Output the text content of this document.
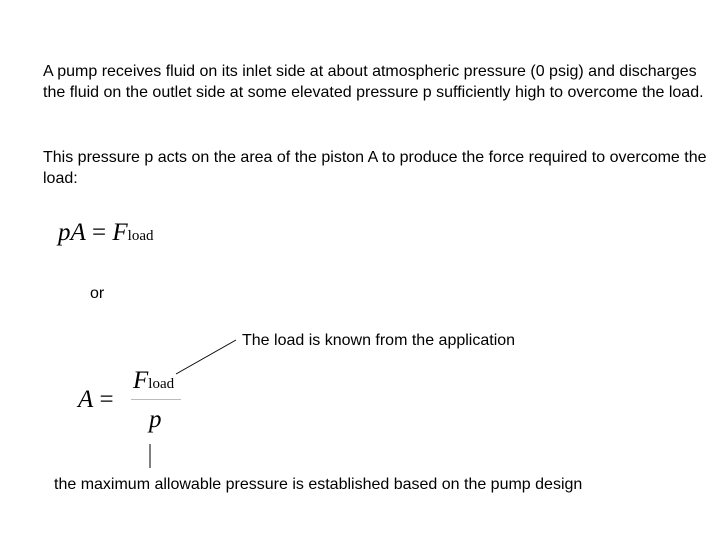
A pump receives fluid on its inlet side at about atmospheric pressure (0 psig) and discharges the fluid on the outlet side at some elevated pressure p sufficiently high to overcome the load.
This pressure p acts on the area of the piston A to produce the force required to overcome the load:
pA = Fload
or
A =
Fload
p
The load is known from the application
the maximum allowable pressure is established based on the pump design
